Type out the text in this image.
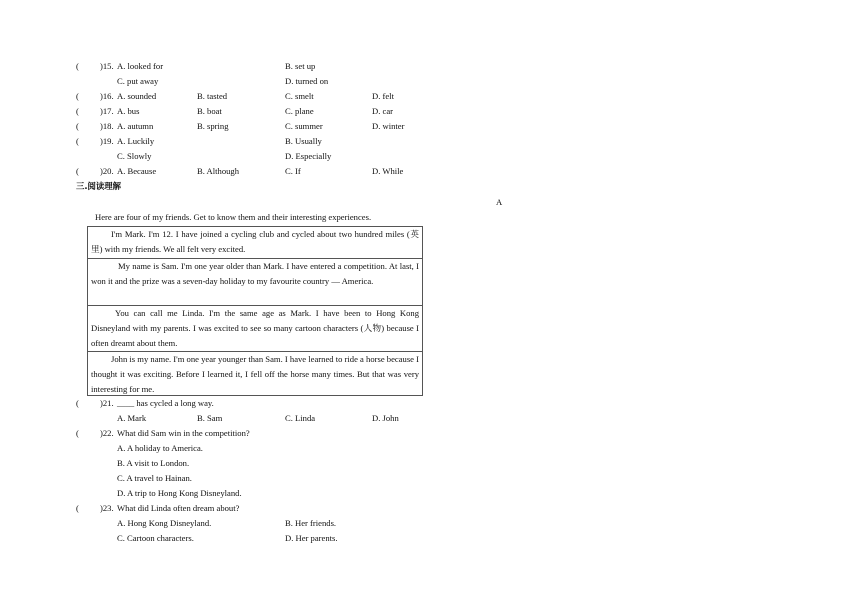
( )15. A. looked for	B. set up
C. put away	D. turned on
( )16. A. sounded	B. tasted	C. smelt	D. felt
( )17. A. bus	B. boat	C. plane	D. car
( )18. A. autumn	B. spring	C. summer	D. winter
( )19. A. Luckily	B. Usually
C. Slowly	D. Especially
( )20. A. Because	B. Although	C. If	D. While
三.阅读理解
A
Here are four of my friends. Get to know them and their interesting experiences.
I'm Mark. I'm 12. I have joined a cycling club and cycled about two hundred miles (英里) with my friends. We all felt very excited.
My name is Sam. I'm one year older than Mark. I have entered a competition. At last, I won it and the prize was a seven-day holiday to my favourite country — America.
You can call me Linda. I'm the same age as Mark. I have been to Hong Kong Disneyland with my parents. I was excited to see so many cartoon characters (人物) because I often dreamt about them.
John is my name. I'm one year younger than Sam. I have learned to ride a horse because I thought it was exciting. Before I learned it, I fell off the horse many times. But that was very interesting for me.
( )21. ____ has cycled a long way.
A. Mark	B. Sam	C. Linda	D. John
( )22. What did Sam win in the competition?
A. A holiday to America.
B. A visit to London.
C. A travel to Hainan.
D. A trip to Hong Kong Disneyland.
( )23. What did Linda often dream about?
A. Hong Kong Disneyland.	B. Her friends.
C. Cartoon characters.	D. Her parents.
